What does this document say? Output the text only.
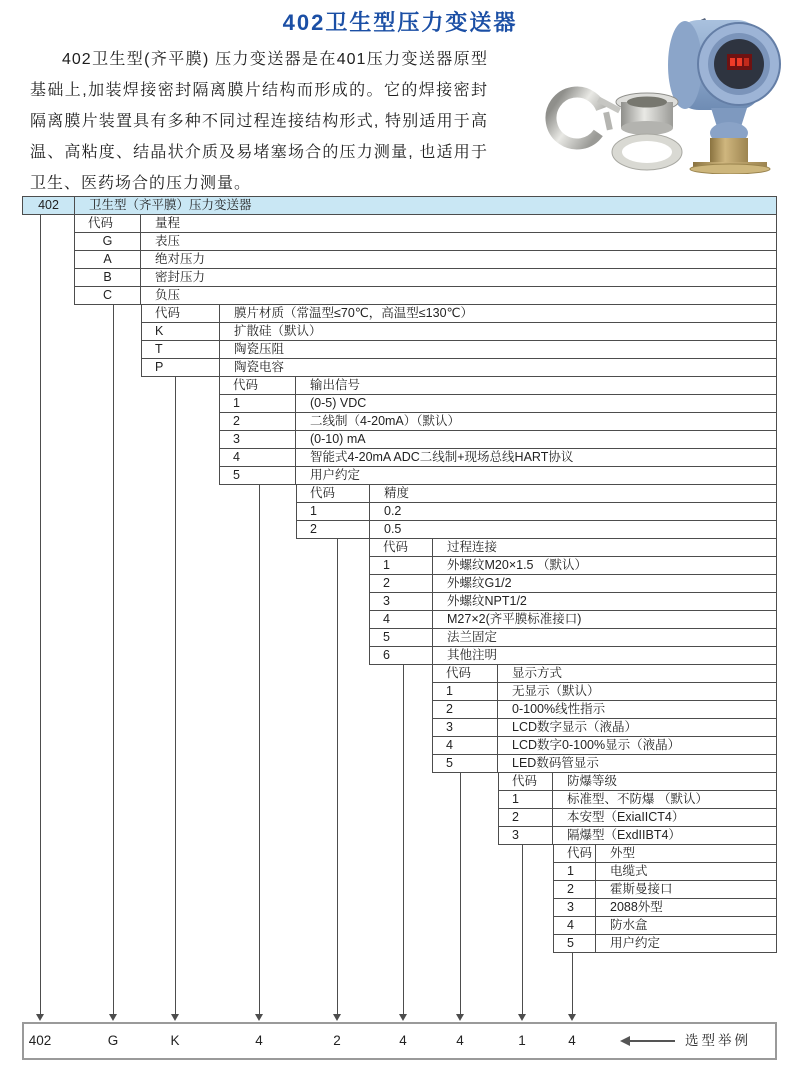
402卫生型压力变送器
402卫生型(齐平膜) 压力变送器是在401压力变送器原型基础上,加装焊接密封隔离膜片结构而形成的。它的焊接密封隔离膜片装置具有多种不同过程连接结构形式, 特别适用于高温、高粘度、结晶状介质及易堵塞场合的压力测量, 也适用于卫生、医药场合的压力测量。
402	卫生型（齐平膜）压力变送器
代码	量程
G	表压
A	绝对压力
B	密封压力
C	负压
代码	膜片材质（常温型≤70℃，高温型≤130℃）
K	扩散硅（默认）
T	陶瓷压阻
P	陶瓷电容
代码	输出信号
1	(0-5) VDC
2	二线制（4-20mA）（默认）
3	(0-10) mA
4	智能式4-20mA ADC二线制+现场总线HART协议
5	用户约定
代码	精度
1	0.2
2	0.5
代码	过程连接
1	外螺纹M20×1.5 （默认）
2	外螺纹G1/2
3	外螺纹NPT1/2
4	M27×2(齐平膜标准接口)
5	法兰固定
6	其他注明
代码	显示方式
1	无显示（默认）
2	0-100%线性指示
3	LCD数字显示（液晶）
4	LCD数字0-100%显示（液晶）
5	LED数码管显示
代码	防爆等级
1	标准型、不防爆 （默认）
2	本安型（ExiaIICT4）
3	隔爆型（ExdIIBT4）
代码	外型
1	电缆式
2	霍斯曼接口
3	2088外型
4	防水盒
5	用户约定
402	G	K	4	2	4	4	1	4	选型举例
